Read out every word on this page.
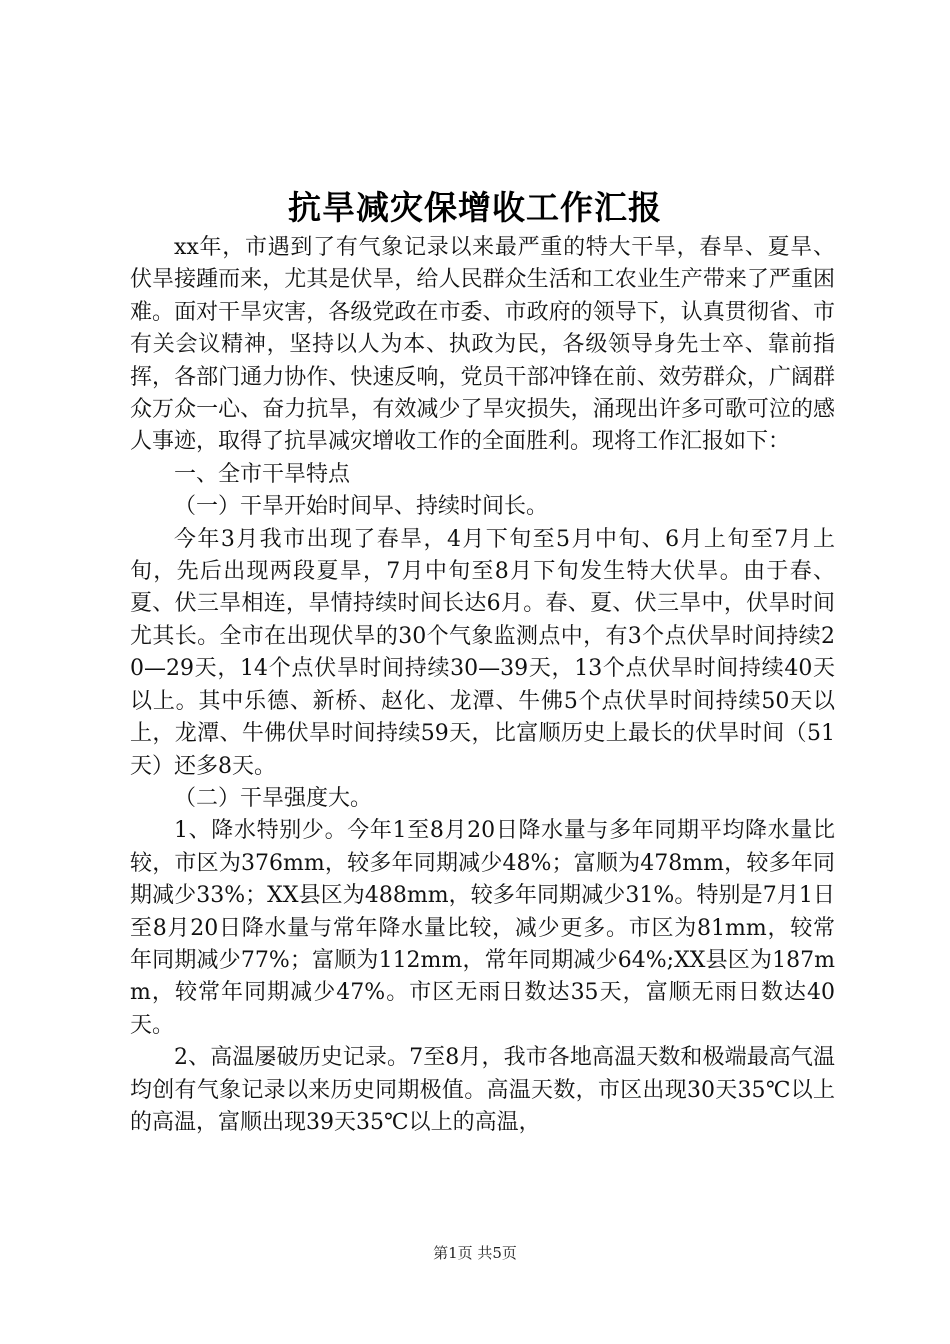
抗旱减灾保增收工作汇报

xx年，市遇到了有气象记录以来最严重的特大干旱，春旱、夏旱、伏旱接踵而来，尤其是伏旱，给人民群众生活和工农业生产带来了严重困难。面对干旱灾害，各级党政在市委、市政府的领导下，认真贯彻省、市有关会议精神，坚持以人为本、执政为民，各级领导身先士卒、靠前指挥，各部门通力协作、快速反响，党员干部冲锋在前、效劳群众，广阔群众万众一心、奋力抗旱，有效减少了旱灾损失，涌现出许多可歌可泣的感人事迹，取得了抗旱减灾增收工作的全面胜利。现将工作汇报如下：

一、全市干旱特点

（一）干旱开始时间早、持续时间长。

今年3月我市出现了春旱，4月下旬至5月中旬、6月上旬至7月上旬，先后出现两段夏旱，7月中旬至8月下旬发生特大伏旱。由于春、夏、伏三旱相连，旱情持续时间长达6月。春、夏、伏三旱中，伏旱时间尤其长。全市在出现伏旱的30个气象监测点中，有3个点伏旱时间持续20—29天，14个点伏旱时间持续30—39天，13个点伏旱时间持续40天以上。其中乐德、新桥、赵化、龙潭、牛佛5个点伏旱时间持续50天以上，龙潭、牛佛伏旱时间持续59天，比富顺历史上最长的伏旱时间（51天）还多8天。

（二）干旱强度大。

1、降水特别少。今年1至8月20日降水量与多年同期平均降水量比较，市区为376mm，较多年同期减少48%；富顺为478mm，较多年同期减少33%；XX县区为488mm，较多年同期减少31%。特别是7月1日至8月20日降水量与常年降水量比较，减少更多。市区为81mm，较常年同期减少77%；富顺为112mm，常年同期减少64%;XX县区为187mm，较常年同期减少47%。市区无雨日数达35天，富顺无雨日数达40天。

2、高温屡破历史记录。7至8月，我市各地高温天数和极端最高气温均创有气象记录以来历史同期极值。高温天数，市区出现30天35℃以上的高温，富顺出现39天35℃以上的高温，

第1页 共5页
